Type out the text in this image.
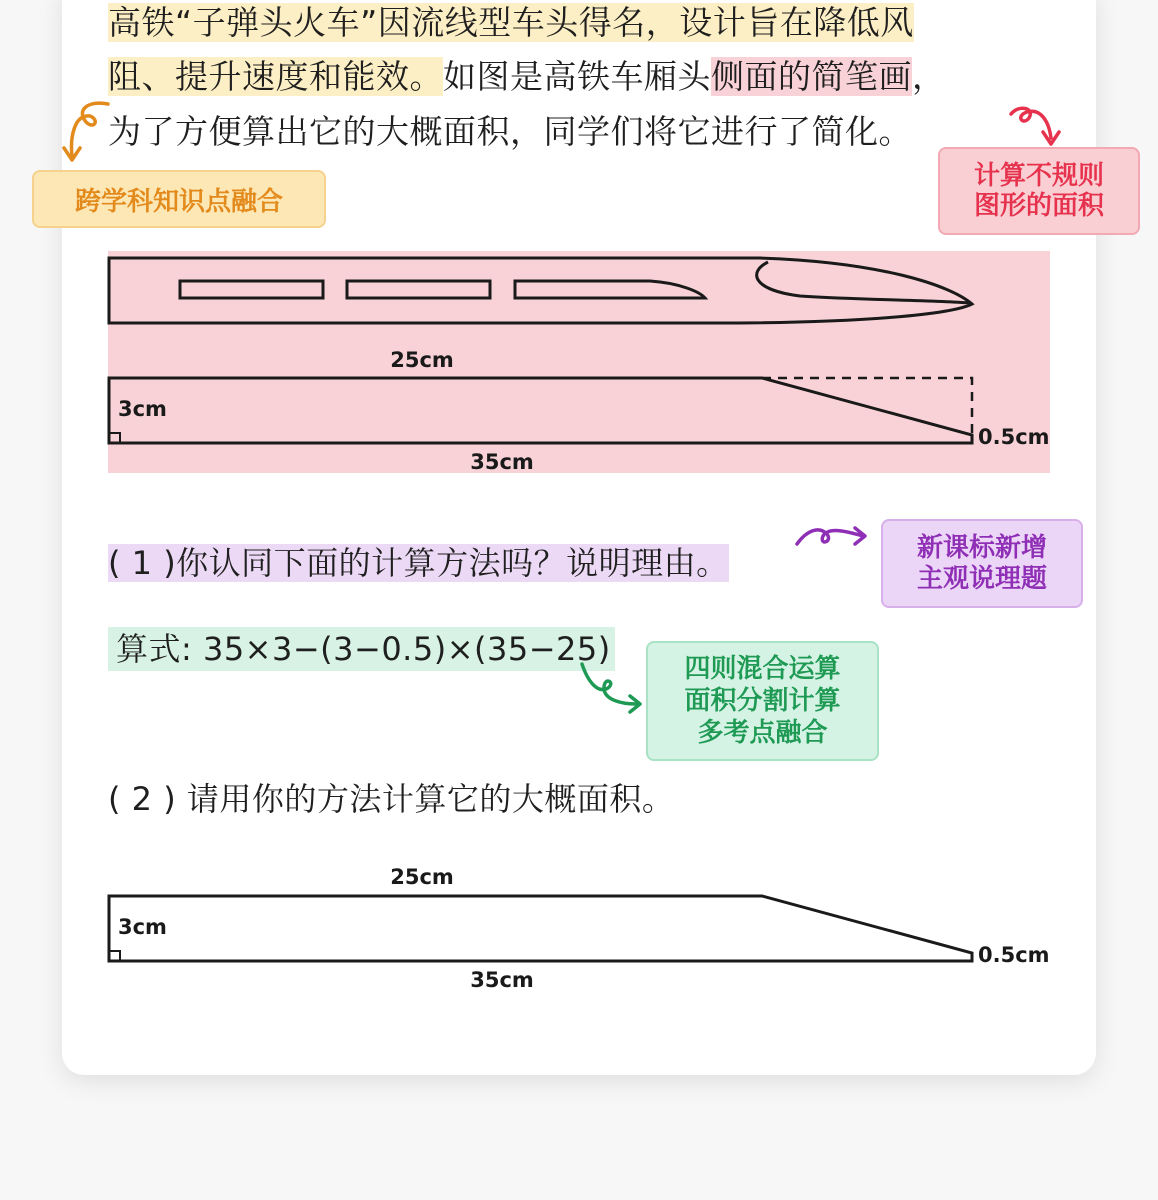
高铁“子弹头火车”因流线型车头得名，设计旨在降低风
阻、提升速度和能效。如图是高铁车厢头侧面的简笔画，
为了方便算出它的大概面积，同学们将它进行了简化。
跨学科知识点融合
计算不规则
图形的面积
25cm
3cm
0.5cm
35cm
( 1 )你认同下面的计算方法吗？说明理由。	新课标新增
主观说理题
算式: 35×3−(3−0.5)×(35−25)
四则混合运算
面积分割计算
多考点融合
( 2 ) 请用你的方法计算它的大概面积。
25cm
3cm
0.5cm
35cm
